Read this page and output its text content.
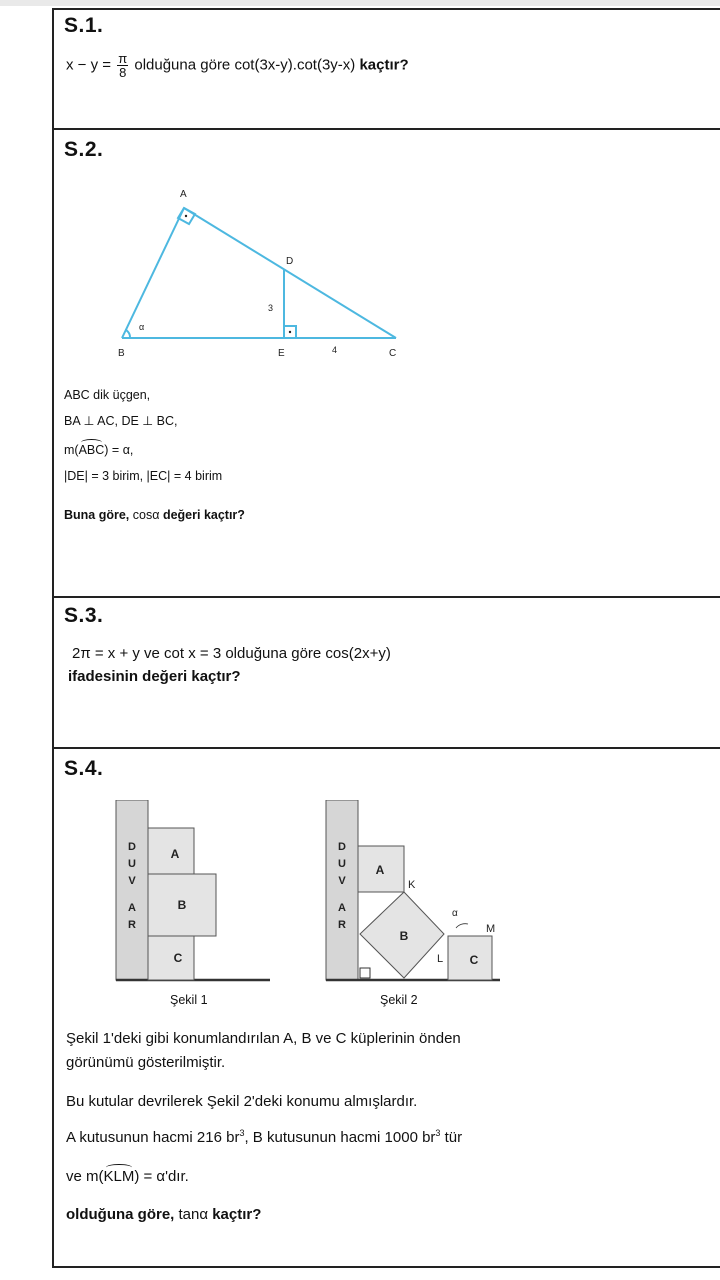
S.1.
$x - y = \frac{\pi}{8}$ olduğuna göre cot(3x-y).cot(3y-x) kaçtır?
S.2.
A
B	C
D
E
α
3
4
ABC dik üçgen,
BA ⊥ AC, DE ⊥ BC,
m(ABC) = α,
|DE| = 3 birim, |EC| = 4 birim
Buna göre, cosα değeri kaçtır?
S.3.
2π = x + y ve cot x = 3 olduğuna göre cos(2x+y)
ifadesinin değeri kaçtır?
S.4.
D
U
V
A
R
A
B
C
D
U
V
A
R
A
B
C
K
L
M
α
Şekil 1	Şekil 2
Şekil 1'deki gibi konumlandırılan A, B ve C küplerinin önden
görünümü gösterilmiştir.
Bu kutular devrilerek Şekil 2'deki konumu almışlardır.
A kutusunun hacmi 216 $br^3$, B kutusunun hacmi 1000 $br^3$ tür
ve m(KLM) = α'dır.
olduğuna göre, tanα kaçtır?
